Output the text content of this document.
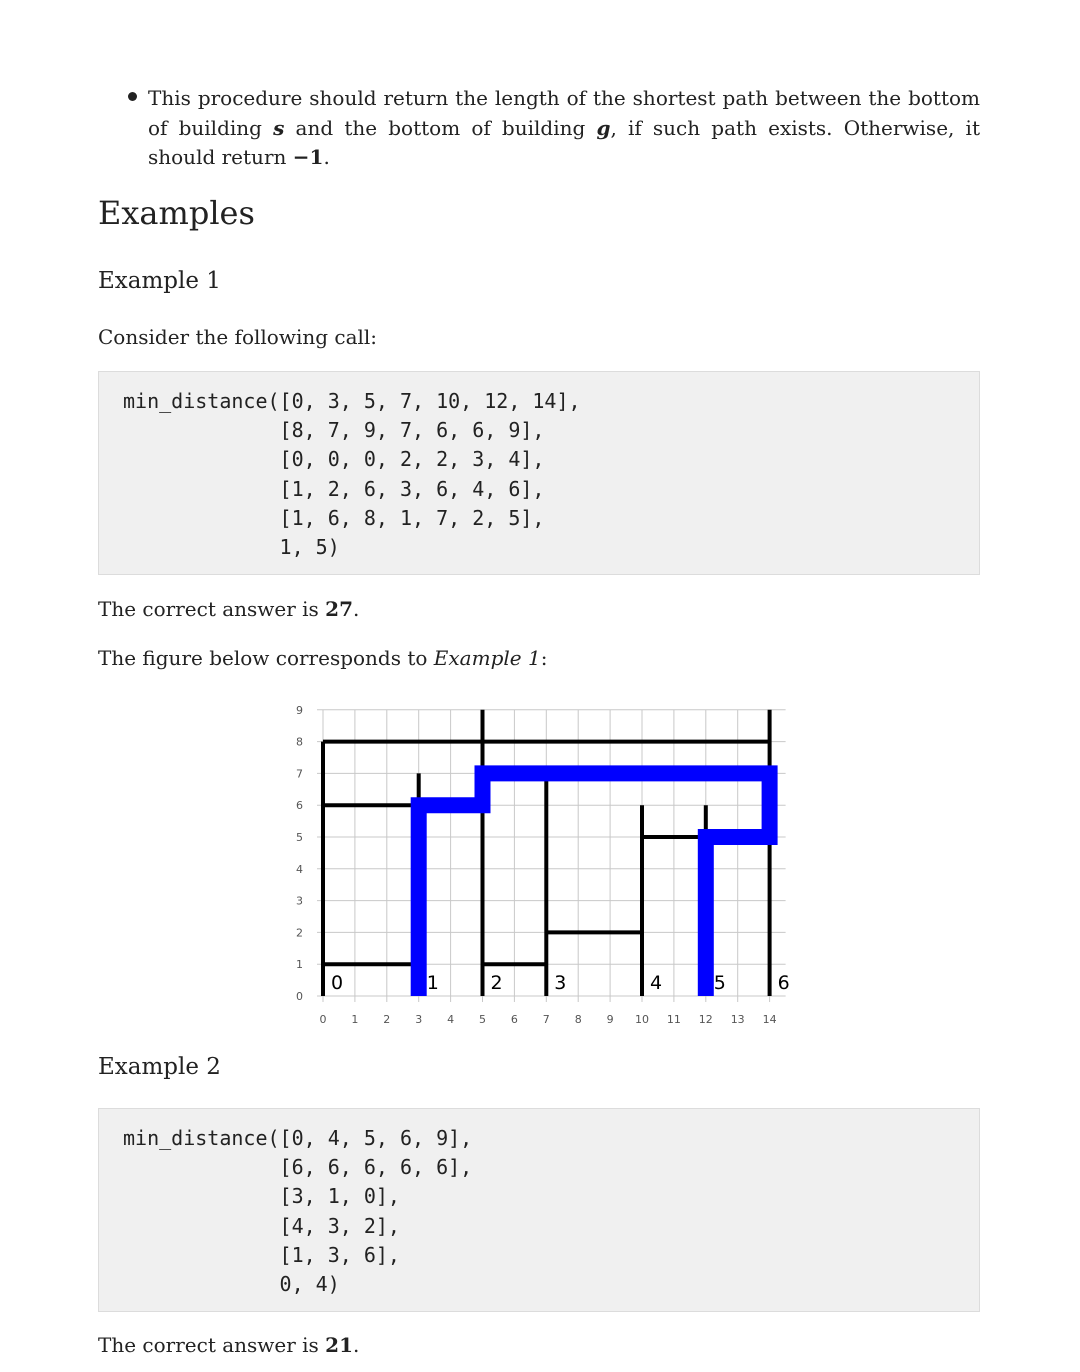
This procedure should return the length of the shortest path between the bottom of building s and the bottom of building g, if such path exists. Otherwise, it should return −1.
Examples
Example 1

Consider the following call:

min_distance([0, 3, 5, 7, 10, 12, 14],
[8, 7, 9, 7, 6, 6, 9],
[0, 0, 0, 2, 2, 3, 4],
[1, 2, 6, 3, 6, 4, 6],
[1, 6, 8, 1, 7, 2, 5],
1, 5)

The correct answer is 27.

The figure below corresponds to Example 1:

0	1	2	3	4	5	6
0 1 2 3 4 5 6 7 8 9 10 11 12 13 14
0
1
2
3
4
5
6
7
8
9
Example 2
min_distance([0, 4, 5, 6, 9],
[6, 6, 6, 6, 6],
[3, 1, 0],
[4, 3, 2],
[1, 3, 6],
0, 4)

The correct answer is 21.
